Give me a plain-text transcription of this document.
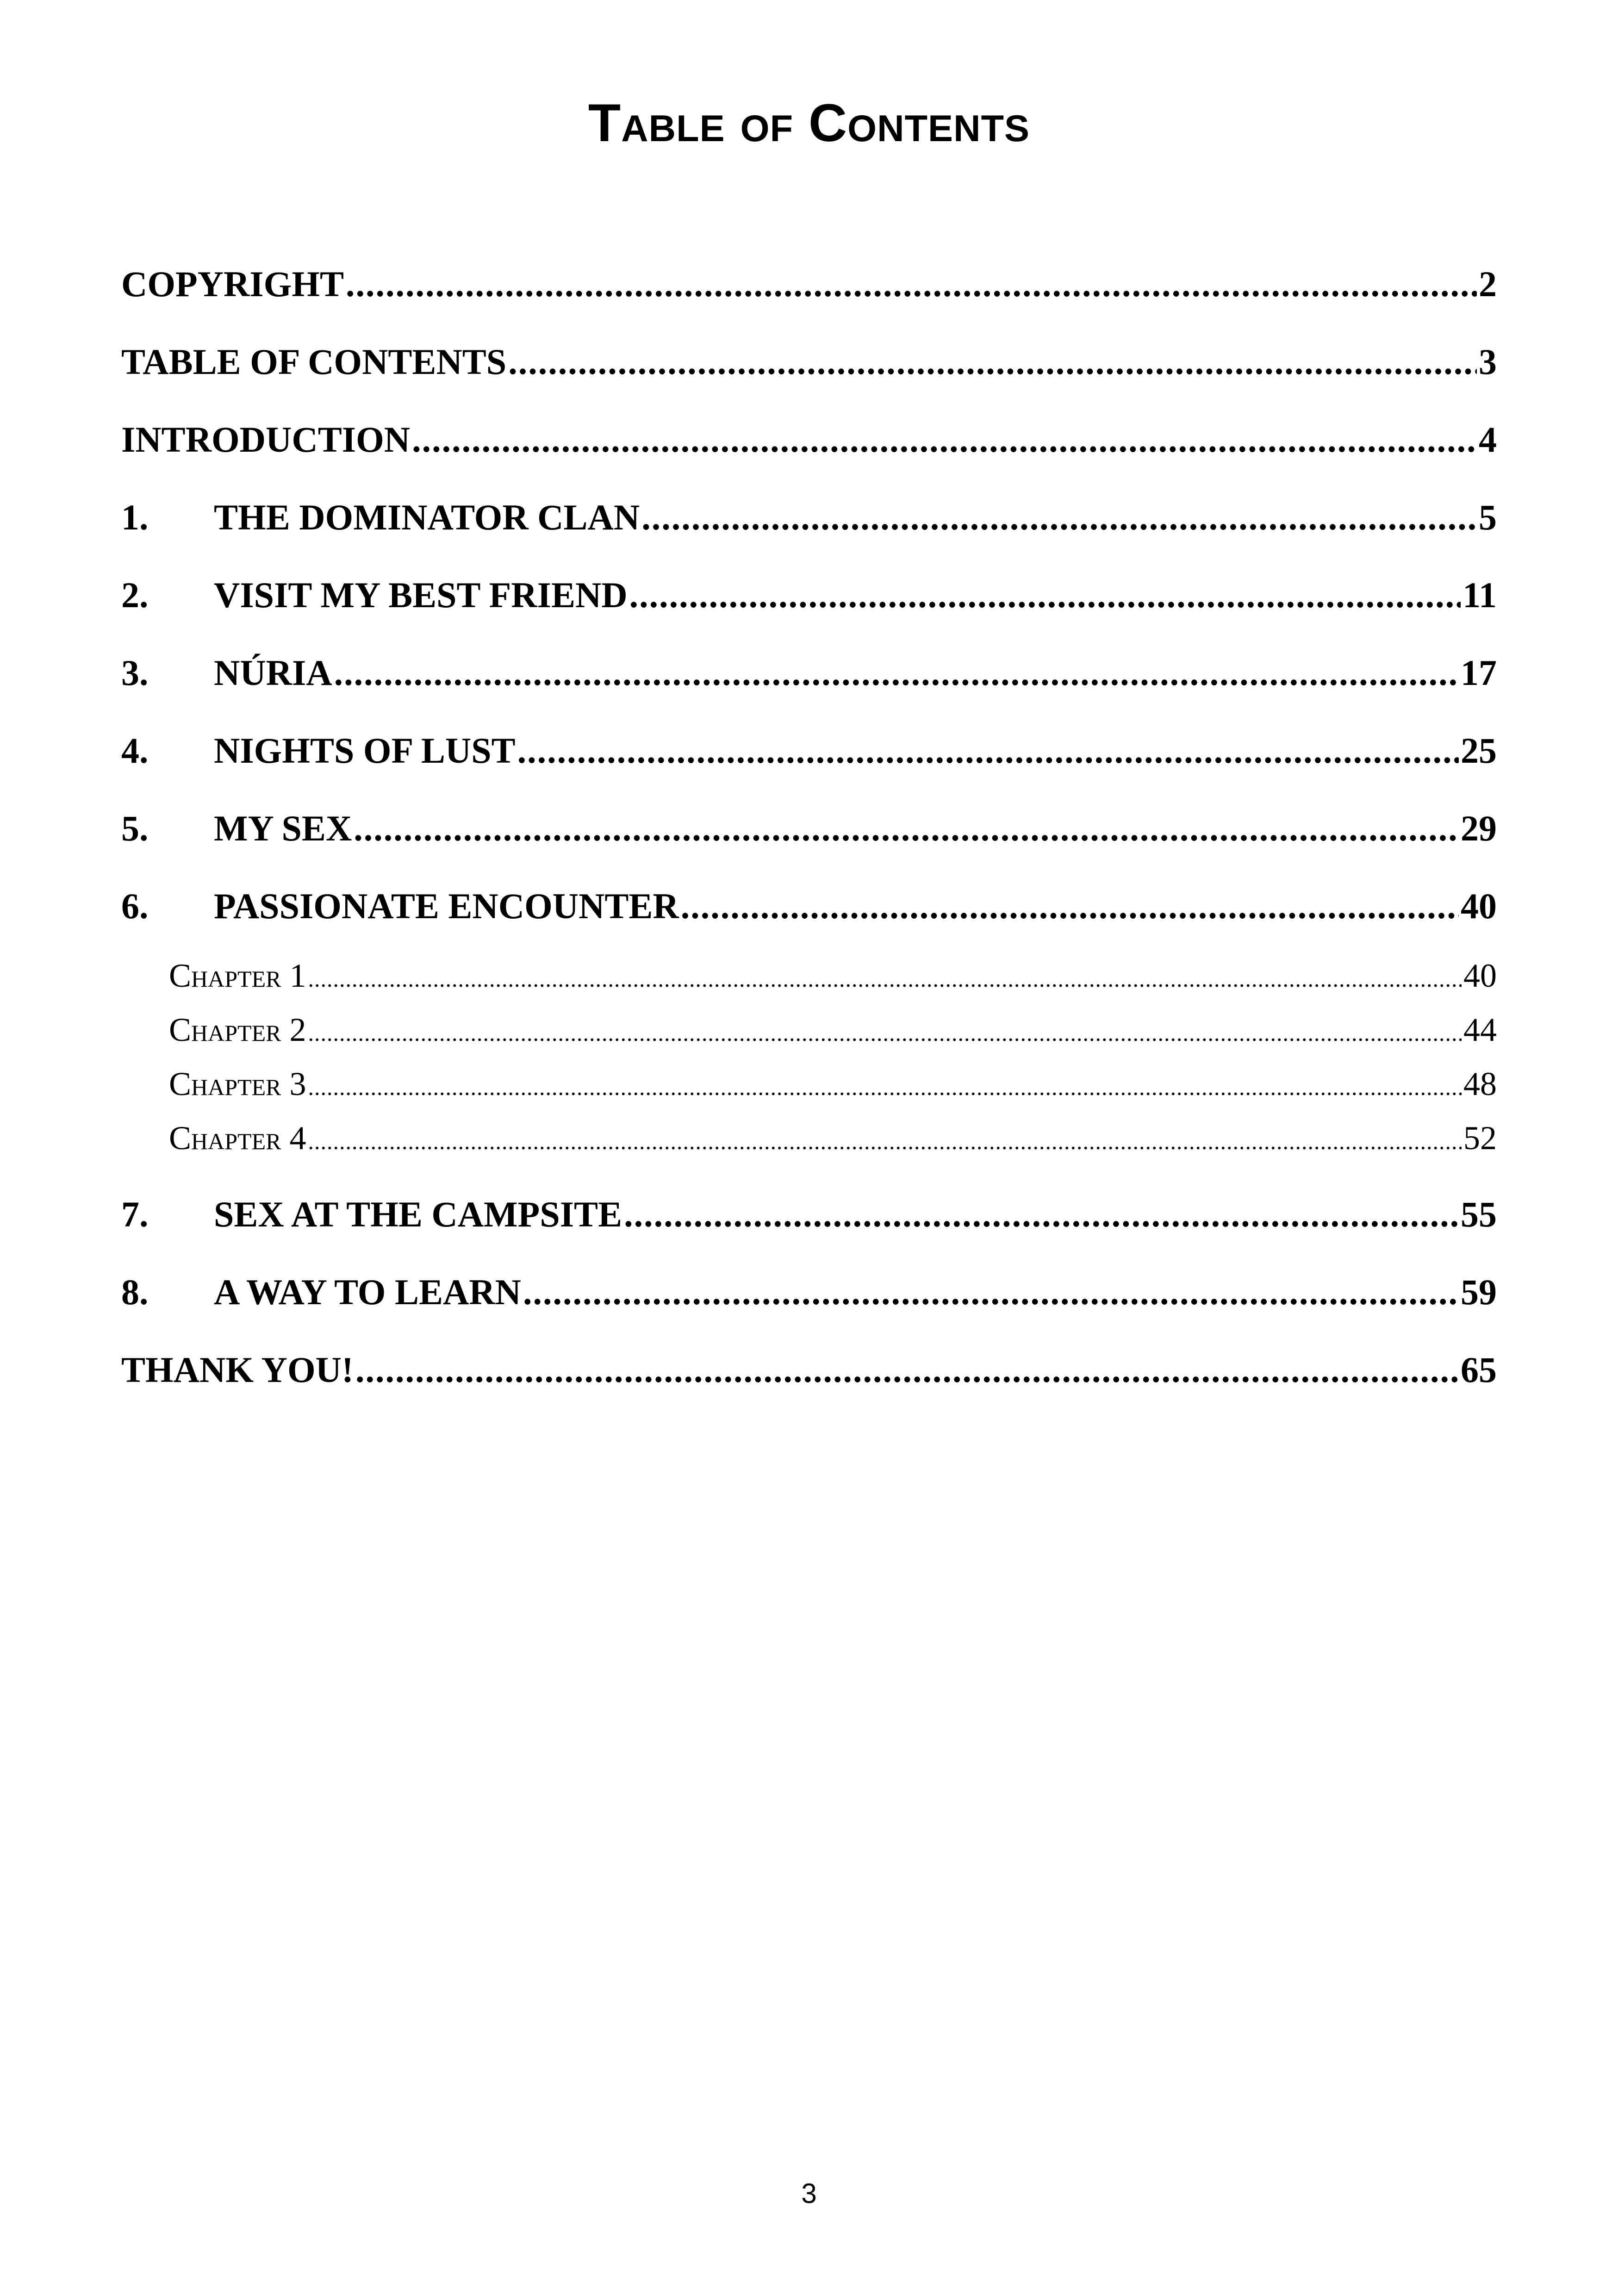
Table of Contents
COPYRIGHT .....	2
TABLE OF CONTENTS .....	3
INTRODUCTION .....	4
1.	THE DOMINATOR CLAN .....	5
2.	VISIT MY BEST FRIEND .....	11
3.	NÚRIA .....	17
4.	NIGHTS OF LUST .....	25
5.	MY SEX .....	29
6.	PASSIONATE ENCOUNTER .....	40
Chapter 1 .....	40
Chapter 2 .....	44
Chapter 3 .....	48
Chapter 4 .....	52
7.	SEX AT THE CAMPSITE .....	55
8.	A WAY TO LEARN .....	59
THANK YOU! .....	65
3
